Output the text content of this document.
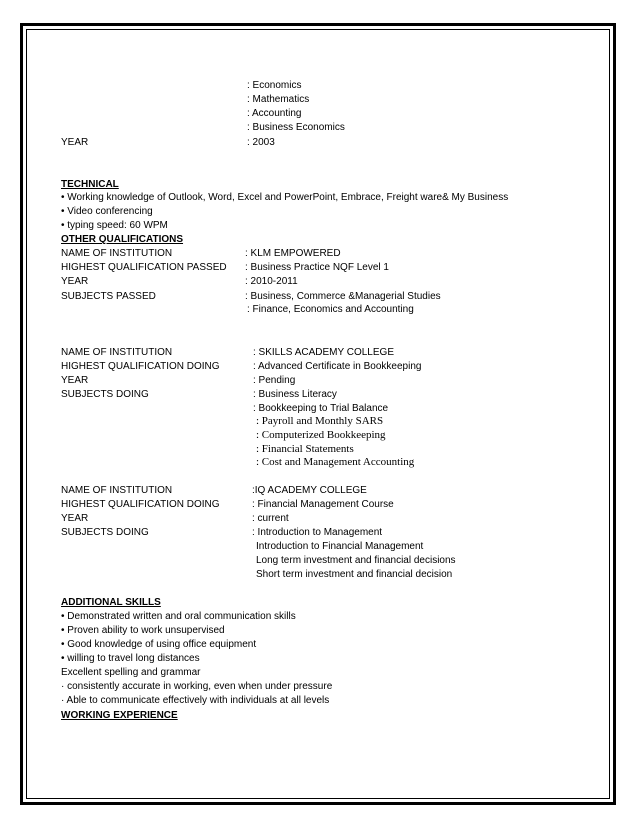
: Economics
: Mathematics
: Accounting
: Business Economics
YEAR	: 2003
TECHNICAL
• Working knowledge of Outlook, Word, Excel and PowerPoint, Embrace, Freight ware& My Business
• Video conferencing
• typing speed: 60 WPM
OTHER QUALIFICATIONS
NAME OF INSTITUTION
HIGHEST QUALIFICATION PASSED
YEAR
SUBJECTS PASSED
: KLM EMPOWERED
: Business Practice NQF Level 1
: 2010-2011
: Business, Commerce &Managerial Studies
: Finance, Economics and Accounting
NAME OF INSTITUTION
HIGHEST QUALIFICATION DOING
YEAR
SUBJECTS DOING
: SKILLS ACADEMY COLLEGE
: Advanced Certificate in Bookkeeping
: Pending
: Business Literacy
: Bookkeeping to Trial Balance
: Payroll and Monthly SARS
: Computerized Bookkeeping
: Financial Statements
: Cost and Management Accounting
NAME OF INSTITUTION
HIGHEST QUALIFICATION DOING
YEAR
SUBJECTS DOING
:IQ ACADEMY COLLEGE
: Financial Management Course
: current
: Introduction to Management
Introduction to Financial Management
Long term investment and financial decisions
Short term investment and financial decision
ADDITIONAL SKILLS
• Demonstrated written and oral communication skills
• Proven ability to work unsupervised
• Good knowledge of using office equipment
• willing to travel long distances
Excellent spelling and grammar
· consistently accurate in working, even when under pressure
· Able to communicate effectively with individuals at all levels
WORKING EXPERIENCE
